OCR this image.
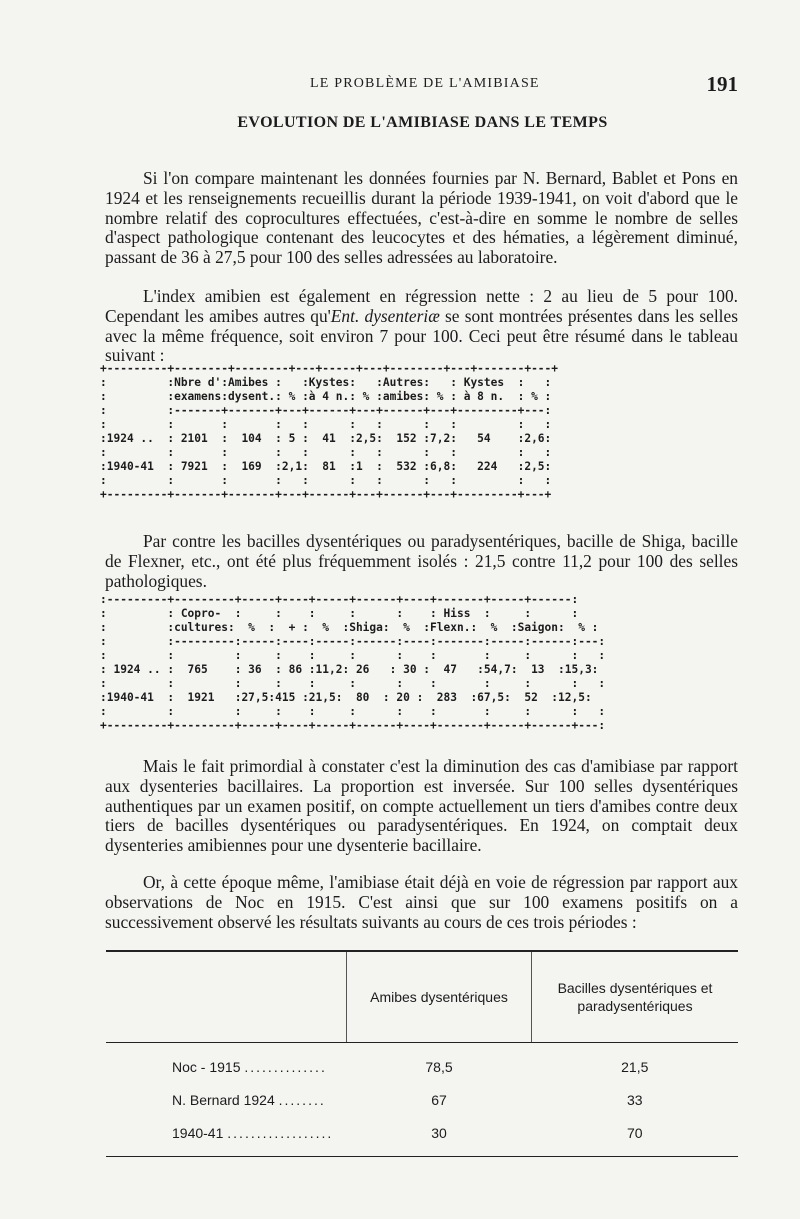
LE PROBLÈME DE L'AMIBIASE	191
EVOLUTION DE L'AMIBIASE DANS LE TEMPS

Si l'on compare maintenant les données fournies par N. Bernard, Bablet et Pons en 1924 et les renseignements recueillis durant la période 1939-1941, on voit d'abord que le nombre relatif des coprocultures effectuées, c'est-à-dire en somme le nombre de selles d'aspect pathologique contenant des leucocytes et des hématies, a légèrement diminué, passant de 36 à 27,5 pour 100 des selles adressées au laboratoire.

L'index amibien est également en régression nette : 2 au lieu de 5 pour 100. Cependant les amibes autres qu'Ent. dysenteriæ se sont montrées présentes dans les selles avec la même fréquence, soit environ 7 pour 100. Ceci peut être résumé dans le tableau suivant :

+---------+--------+--------+---+-----+---+--------+---+-------+---+
:         :Nbre d':Amibes :   :Kystes:   :Autres:   : Kystes  :   :
:         :examens:dysent.: % :à 4 n.: % :amibes: % : à 8 n.  : % :
:         :-------+-------+---+------+---+------+---+---------+---:
:         :       :       :   :      :   :      :   :         :   :
:1924 ..  : 2101  :  104  : 5 :  41  :2,5:  152 :7,2:   54    :2,6:
:         :       :       :   :      :   :      :   :         :   :
:1940-41  : 7921  :  169  :2,1:  81  :1  :  532 :6,8:   224   :2,5:
:         :       :       :   :      :   :      :   :         :   :
+---------+-------+-------+---+------+---+------+---+---------+---+

Par contre les bacilles dysentériques ou paradysentériques, bacille de Shiga, bacille de Flexner, etc., ont été plus fréquemment isolés : 21,5 contre 11,2 pour 100 des selles pathologiques.

:---------+---------+-----+----+-----+------+----+-------+-----+------:
:         : Copro-  :     :    :     :      :    : Hiss  :     :      :
:         :cultures:  %  :  + :  %  :Shiga:  %  :Flexn.:  %  :Saigon:  % :
:         :---------:-----:----:-----:------:----:-------:-----:------:---:
:         :         :     :    :     :      :    :       :     :      :   :
: 1924 .. :  765    : 36  : 86 :11,2: 26   : 30 :  47   :54,7:  13  :15,3:
:         :         :     :    :     :      :    :       :     :      :   :
:1940-41  :  1921   :27,5:415 :21,5:  80  : 20 :  283  :67,5:  52  :12,5:
:         :         :     :    :     :      :    :       :     :      :   :
+---------+---------+-----+----+-----+------+----+-------+-----+------+---:

Mais le fait primordial à constater c'est la diminution des cas d'amibiase par rapport aux dysenteries bacillaires. La proportion est inversée. Sur 100 selles dysentériques authentiques par un examen positif, on compte actuellement un tiers d'amibes contre deux tiers de bacilles dysentériques ou paradysentériques. En 1924, on comptait deux dysenteries amibiennes pour une dysenterie bacillaire.

Or, à cette époque même, l'amibiase était déjà en voie de régression par rapport aux observations de Noc en 1915. C'est ainsi que sur 100 examens positifs on a successivement observé les résultats suivants au cours de ces trois périodes :

	Amibes dysentériques	Bacilles dysentériques et paradysentériques
Noc - 1915 ..............	78,5	21,5
N. Bernard 1924 ........	67	33
1940-41 ..................	30	70
